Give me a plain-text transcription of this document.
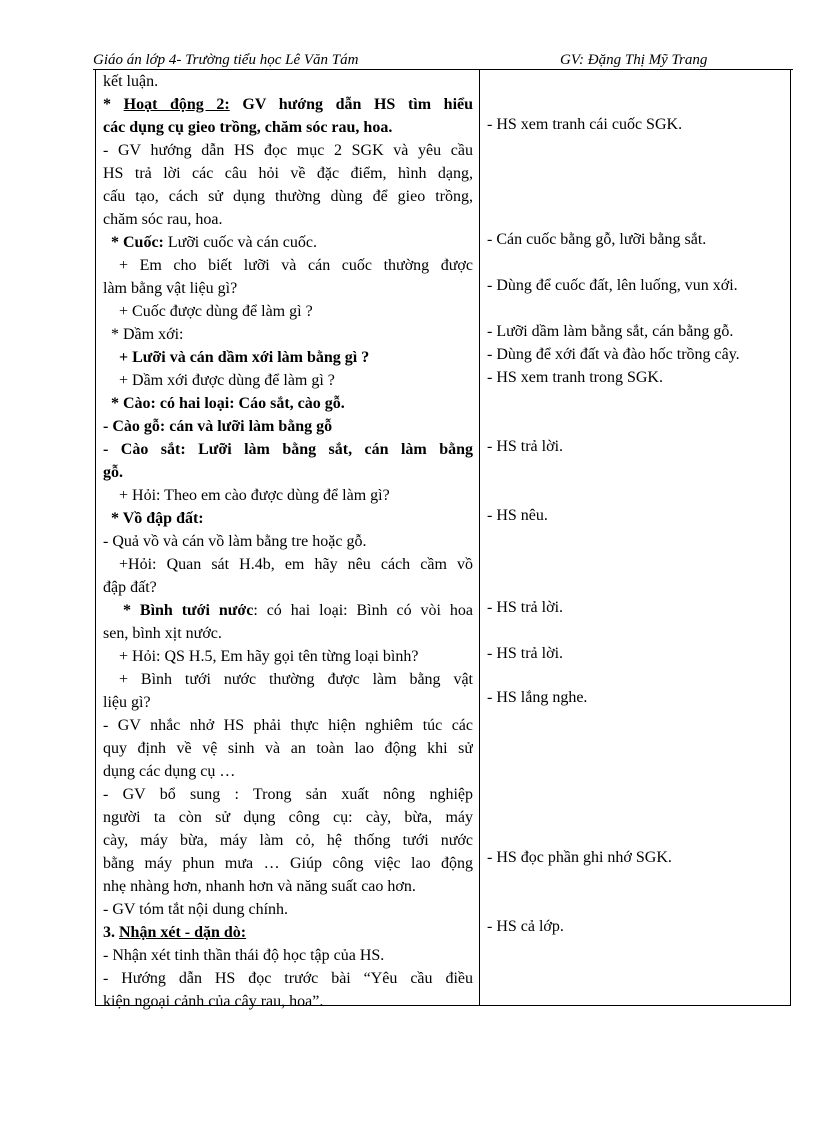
Giáo án lớp 4- Trường tiểu học Lê Văn Tám	GV: Đặng Thị Mỹ Trang
kết luận.
* Hoạt động 2: GV hướng dẫn HS tìm hiểu
các dụng cụ gieo trồng, chăm sóc rau, hoa.
- GV hướng dẫn HS đọc mục 2 SGK và yêu cầu
HS trả lời các câu hỏi về đặc điểm, hình dạng,
cấu tạo, cách sử dụng thường dùng để gieo trồng,
chăm sóc rau, hoa.
* Cuốc: Lưỡi cuốc và cán cuốc.
+ Em cho biết lưỡi và cán cuốc thường được
làm bằng vật liệu gì?
+ Cuốc được dùng để làm gì ?
* Dầm xới:
+ Lưỡi và cán dầm xới làm bằng gì ?
+ Dầm xới được dùng để làm gì ?
* Cào: có hai loại: Cáo sắt, cào gỗ.
- Cào gỗ: cán và lưỡi làm bằng gỗ
- Cào sắt: Lưỡi làm bằng sắt, cán làm bằng
gỗ.
+ Hỏi: Theo em cào được dùng để làm gì?
* Vồ đập đất:
- Quả vồ và cán vồ làm bằng tre hoặc gỗ.
+Hỏi: Quan sát H.4b, em hãy nêu cách cầm vồ
đập đất?
* Bình tưới nước: có hai loại: Bình có vòi hoa
sen, bình xịt nước.
+ Hỏi: QS H.5, Em hãy gọi tên từng loại bình?
+ Bình tưới nước thường được làm bằng vật
liệu gì?
- GV nhắc nhở HS phải thực hiện nghiêm túc các
quy định về vệ sinh và an toàn lao động khi sử
dụng các dụng cụ …
- GV bổ sung : Trong sản xuất nông nghiệp
người ta còn sử dụng công cụ: cày, bừa, máy
cày, máy bừa, máy làm cỏ, hệ thống tưới nước
bằng máy phun mưa … Giúp công việc lao động
nhẹ nhàng hơn, nhanh hơn và năng suất cao hơn.
- GV tóm tắt nội dung chính.
3. Nhận xét - dặn dò:
- Nhận xét tinh thần thái độ học tập của HS.
- Hướng dẫn HS đọc trước bài “Yêu cầu điều
kiện ngoại cảnh của cây rau, hoa”.
- HS xem tranh cái cuốc SGK.
- Cán cuốc bằng gỗ, lưỡi bằng sắt.
- Dùng để cuốc đất, lên luống, vun xới.
- Lưỡi dầm làm bằng sắt, cán bằng gỗ.
- Dùng để xới đất và đào hốc trồng cây.
- HS xem tranh trong SGK.
- HS trả lời.
- HS nêu.
- HS trả lời.
- HS trả lời.
- HS lắng nghe.
- HS đọc phần ghi nhớ SGK.
- HS cả lớp.
